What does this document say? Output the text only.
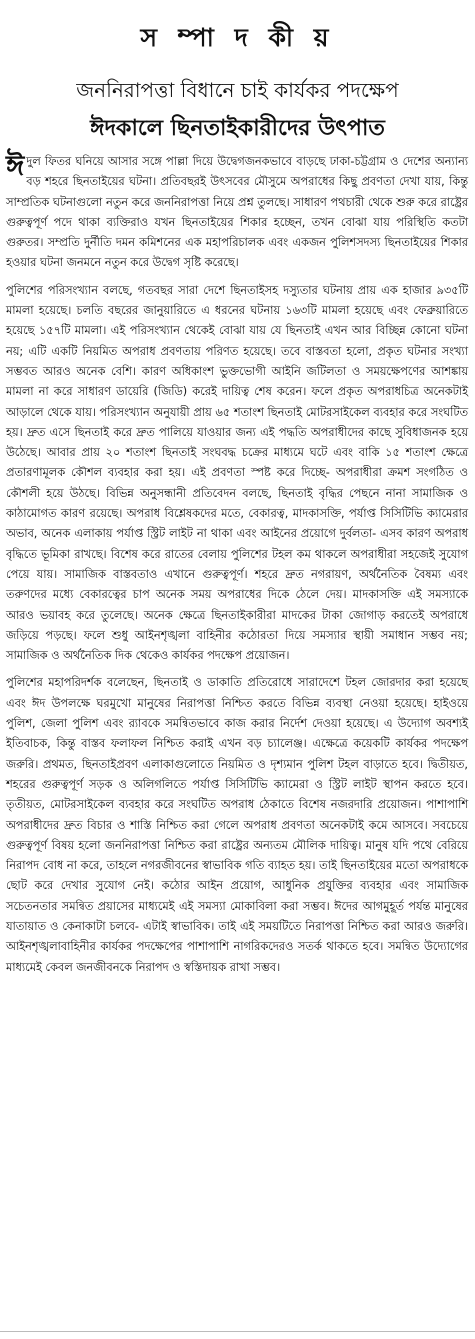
স ম্পা দ কী য়
জননিরাপত্তা বিধানে চাই কার্যকর পদক্ষেপ
ঈদকালে ছিনতাইকারীদের উৎপাত

ঈদুল ফিতর ঘনিয়ে আসার সঙ্গে পাল্লা দিয়ে উদ্বেগজনকভাবে বাড়ছে ঢাকা-চট্টগ্রাম ও দেশের অন্যান্য বড় শহরে ছিনতাইয়ের ঘটনা। প্রতিবছরই উৎসবের মৌসুমে অপরাধের কিছু প্রবণতা দেখা যায়, কিন্তু সাম্প্রতিক ঘটনাগুলো নতুন করে জননিরাপত্তা নিয়ে প্রশ্ন তুলছে। সাধারণ পথচারী থেকে শুরু করে রাষ্ট্রের গুরুত্বপূর্ণ পদে থাকা ব্যক্তিরাও যখন ছিনতাইয়ের শিকার হচ্ছেন, তখন বোঝা যায় পরিস্থিতি কতটা গুরুতর। সম্প্রতি দুর্নীতি দমন কমিশনের এক মহাপরিচালক এবং একজন পুলিশসদস্য ছিনতাইয়ের শিকার হওয়ার ঘটনা জনমনে নতুন করে উদ্বেগ সৃষ্টি করেছে।

পুলিশের পরিসংখ্যান বলছে, গতবছর সারা দেশে ছিনতাইসহ দস্যুতার ঘটনায় প্রায় এক হাজার ৯৩৫টি মামলা হয়েছে। চলতি বছরের জানুয়ারিতে এ ধরনের ঘটনায় ১৬৩টি মামলা হয়েছে এবং ফেব্রুয়ারিতে হয়েছে ১৫৭টি মামলা। এই পরিসংখ্যান থেকেই বোঝা যায় যে ছিনতাই এখন আর বিচ্ছিন্ন কোনো ঘটনা নয়; এটি একটি নিয়মিত অপরাধ প্রবণতায় পরিণত হয়েছে। তবে বাস্তবতা হলো, প্রকৃত ঘটনার সংখ্যা সম্ভবত আরও অনেক বেশি। কারণ অধিকাংশ ভুক্তভোগী আইনি জটিলতা ও সময়ক্ষেপণের আশঙ্কায় মামলা না করে সাধারণ ডায়েরি (জিডি) করেই দায়িত্ব শেষ করেন। ফলে প্রকৃত অপরাধচিত্র অনেকটাই আড়ালে থেকে যায়। পরিসংখ্যান অনুযায়ী প্রায় ৬৫ শতাংশ ছিনতাই মোটরসাইকেল ব্যবহার করে সংঘটিত হয়। দ্রুত এসে ছিনতাই করে দ্রুত পালিয়ে যাওয়ার জন্য এই পদ্ধতি অপরাধীদের কাছে সুবিধাজনক হয়ে উঠেছে। আবার প্রায় ২০ শতাংশ ছিনতাই সংঘবদ্ধ চক্রের মাধ্যমে ঘটে এবং বাকি ১৫ শতাংশ ক্ষেত্রে প্রতারণামূলক কৌশল ব্যবহার করা হয়। এই প্রবণতা স্পষ্ট করে দিচ্ছে- অপরাধীরা ক্রমশ সংগঠিত ও কৌশলী হয়ে উঠছে। বিভিন্ন অনুসন্ধানী প্রতিবেদন বলছে, ছিনতাই বৃদ্ধির পেছনে নানা সামাজিক ও কাঠামোগত কারণ রয়েছে। অপরাধ বিশ্লেষকদের মতে, বেকারত্ব, মাদকাসক্তি, পর্যাপ্ত সিসিটিভি ক্যামেরার অভাব, অনেক এলাকায় পর্যাপ্ত স্ট্রিট লাইট না থাকা এবং আইনের প্রয়োগে দুর্বলতা- এসব কারণ অপরাধ বৃদ্ধিতে ভূমিকা রাখছে। বিশেষ করে রাতের বেলায় পুলিশের টহল কম থাকলে অপরাধীরা সহজেই সুযোগ পেয়ে যায়। সামাজিক বাস্তবতাও এখানে গুরুত্বপূর্ণ। শহরে দ্রুত নগরায়ণ, অর্থনৈতিক বৈষম্য এবং তরুণদের মধ্যে বেকারত্বের চাপ অনেক সময় অপরাধের দিকে ঠেলে দেয়। মাদকাসক্তি এই সমস্যাকে আরও ভয়াবহ করে তুলেছে। অনেক ক্ষেত্রে ছিনতাইকারীরা মাদকের টাকা জোগাড় করতেই অপরাধে জড়িয়ে পড়ছে। ফলে শুধু আইনশৃঙ্খলা বাহিনীর কঠোরতা দিয়ে সমস্যার স্থায়ী সমাধান সম্ভব নয়; সামাজিক ও অর্থনৈতিক দিক থেকেও কার্যকর পদক্ষেপ প্রয়োজন।

পুলিশের মহাপরিদর্শক বলেছেন, ছিনতাই ও ডাকাতি প্রতিরোধে সারাদেশে টহল জোরদার করা হয়েছে এবং ঈদ উপলক্ষে ঘরমুখো মানুষের নিরাপত্তা নিশ্চিত করতে বিভিন্ন ব্যবস্থা নেওয়া হয়েছে। হাইওয়ে পুলিশ, জেলা পুলিশ এবং র‌্যাবকে সমন্বিতভাবে কাজ করার নির্দেশ দেওয়া হয়েছে। এ উদ্যোগ অবশ্যই ইতিবাচক, কিন্তু বাস্তব ফলাফল নিশ্চিত করাই এখন বড় চ্যালেঞ্জ। এক্ষেত্রে কয়েকটি কার্যকর পদক্ষেপ জরুরি। প্রথমত, ছিনতাইপ্রবণ এলাকাগুলোতে নিয়মিত ও দৃশ্যমান পুলিশ টহল বাড়াতে হবে। দ্বিতীয়ত, শহরের গুরুত্বপূর্ণ সড়ক ও অলিগলিতে পর্যাপ্ত সিসিটিভি ক্যামেরা ও স্ট্রিট লাইট স্থাপন করতে হবে। তৃতীয়ত, মোটরসাইকেল ব্যবহার করে সংঘটিত অপরাধ ঠেকাতে বিশেষ নজরদারি প্রয়োজন। পাশাপাশি অপরাধীদের দ্রুত বিচার ও শাস্তি নিশ্চিত করা গেলে অপরাধ প্রবণতা অনেকটাই কমে আসবে। সবচেয়ে গুরুত্বপূর্ণ বিষয় হলো জননিরাপত্তা নিশ্চিত করা রাষ্ট্রের অন্যতম মৌলিক দায়িত্ব। মানুষ যদি পথে বেরিয়ে নিরাপদ বোধ না করে, তাহলে নগরজীবনের স্বাভাবিক গতি ব্যাহত হয়। তাই ছিনতাইয়ের মতো অপরাধকে ছোট করে দেখার সুযোগ নেই। কঠোর আইন প্রয়োগ, আধুনিক প্রযুক্তির ব্যবহার এবং সামাজিক সচেতনতার সমন্বিত প্রয়াসের মাধ্যমেই এই সমস্যা মোকাবিলা করা সম্ভব। ঈদের আগমুহূর্ত পর্যন্ত মানুষের যাতায়াত ও কেনাকাটা চলবে- এটাই স্বাভাবিক। তাই এই সময়টিতে নিরাপত্তা নিশ্চিত করা আরও জরুরি। আইনশৃঙ্খলাবাহিনীর কার্যকর পদক্ষেপের পাশাপাশি নাগরিকদেরও সতর্ক থাকতে হবে। সমন্বিত উদ্যোগের মাধ্যমেই কেবল জনজীবনকে নিরাপদ ও স্বস্তিদায়ক রাখা সম্ভব।
